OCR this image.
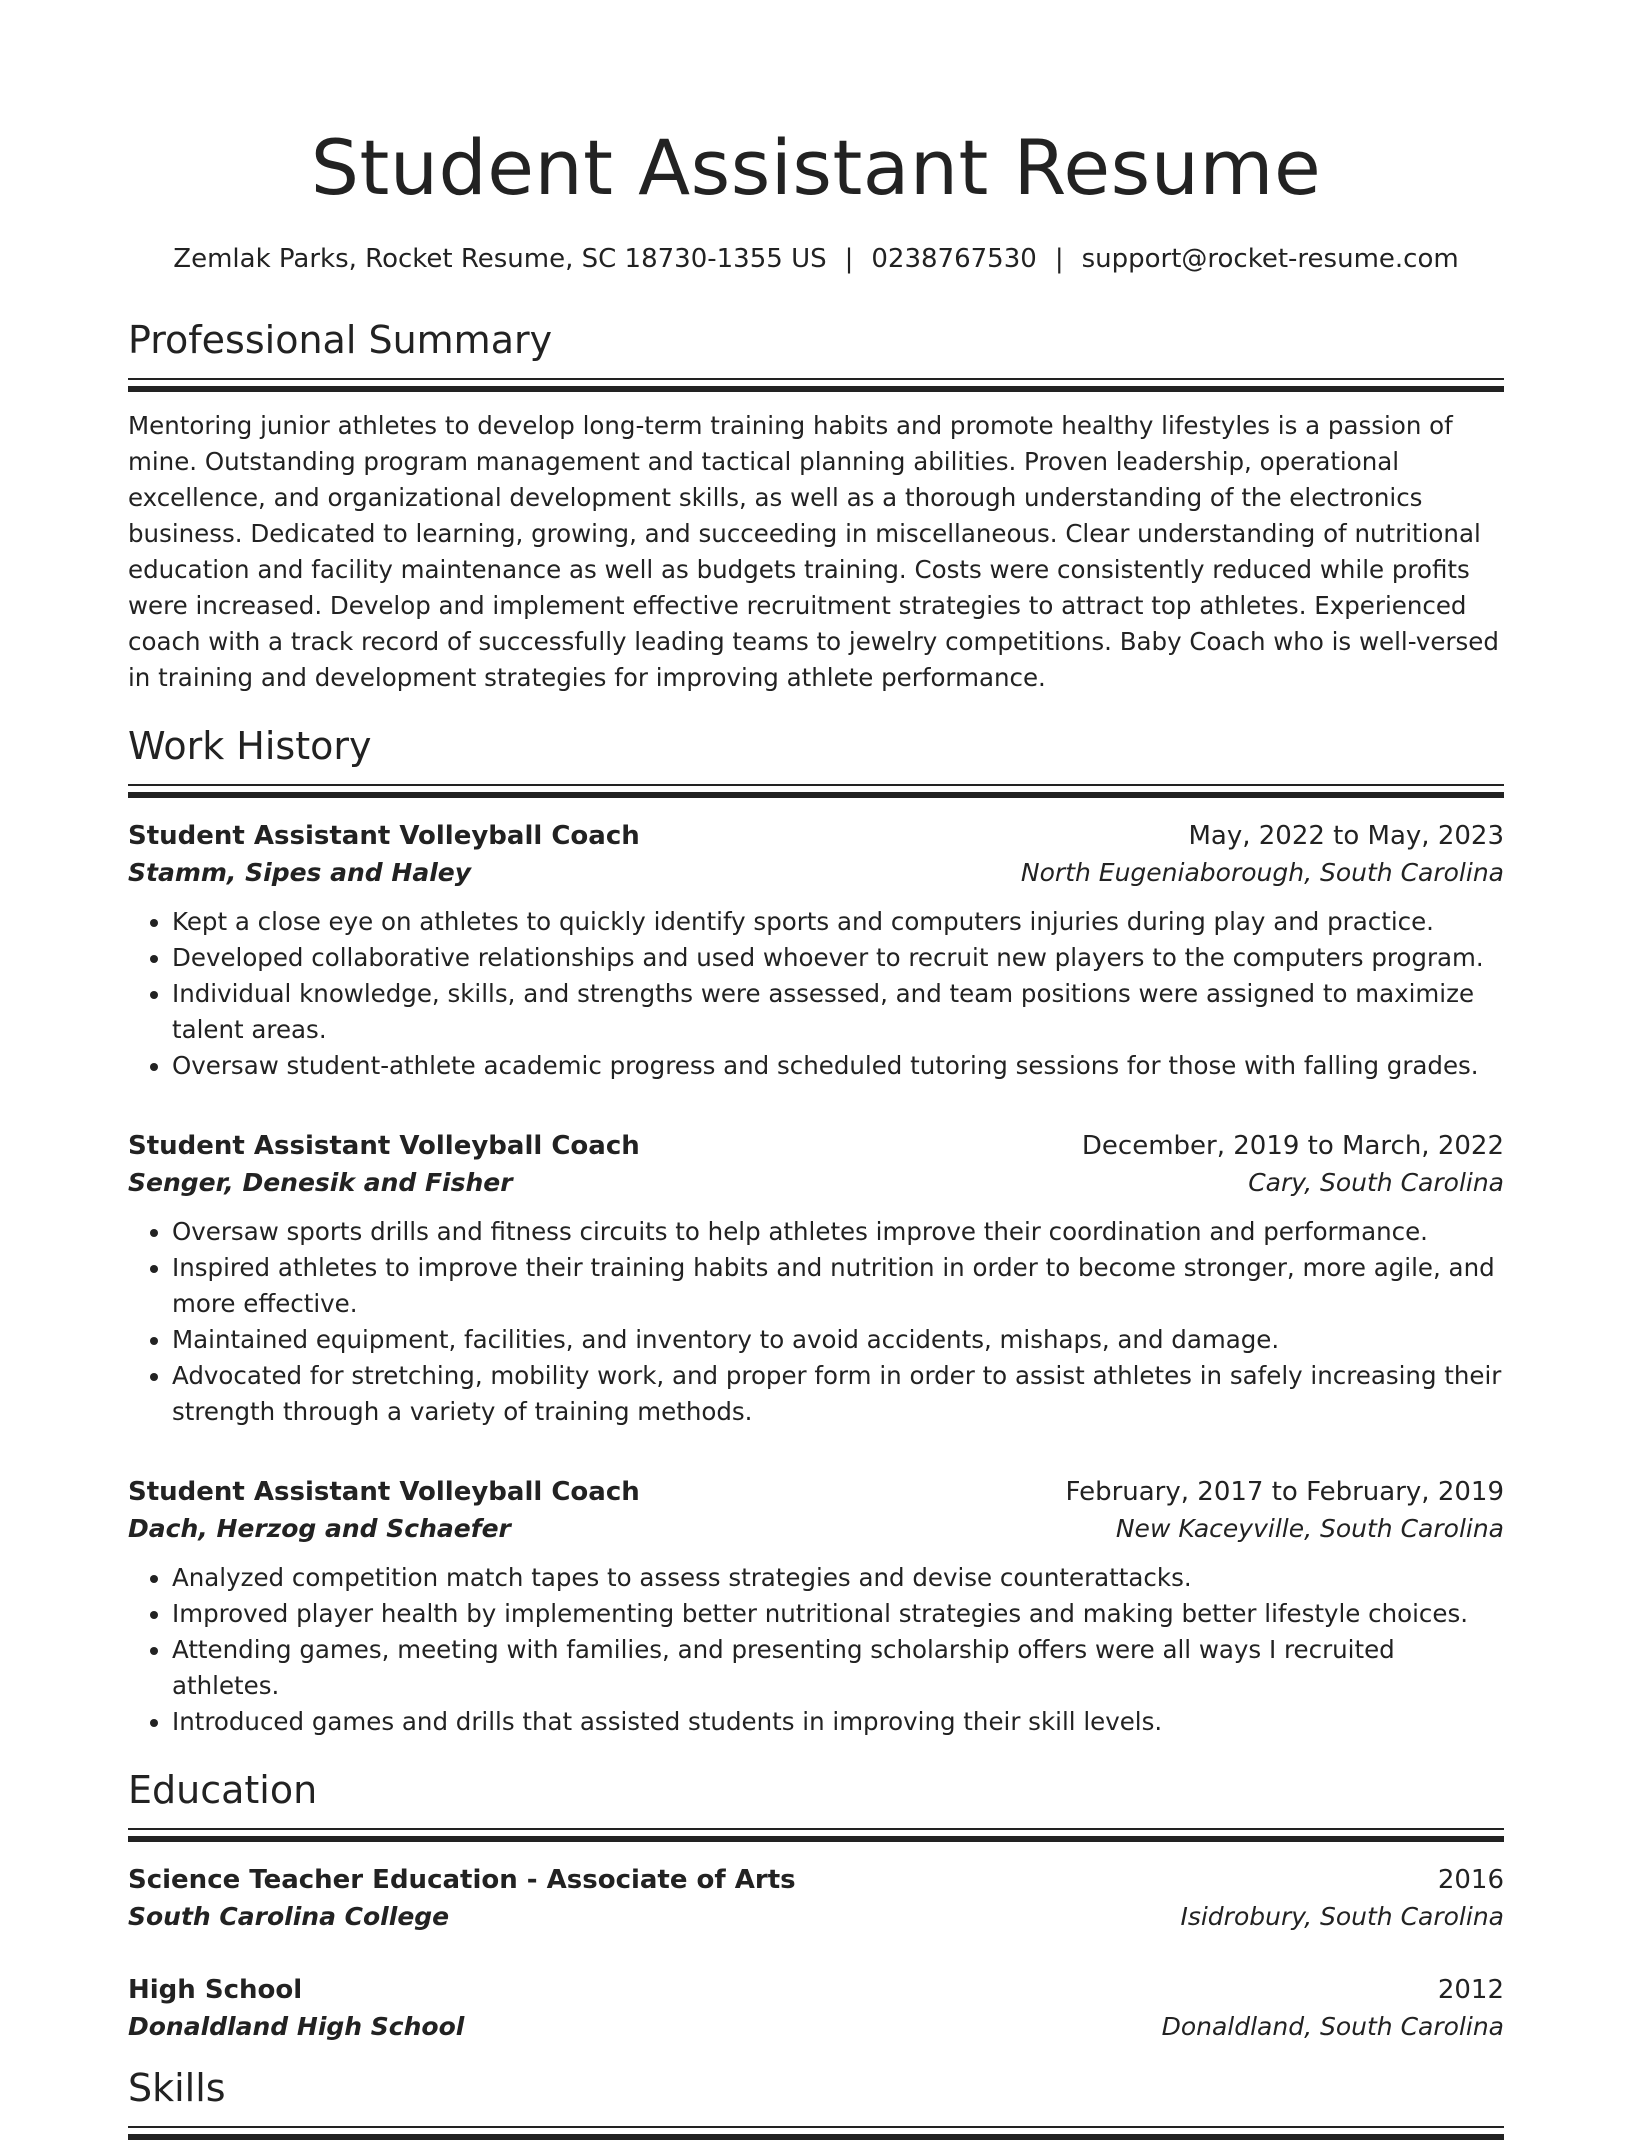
Student Assistant Resume
Zemlak Parks, Rocket Resume, SC 18730-1355 US | 0238767530 | support@rocket-resume.com
Professional Summary

Mentoring junior athletes to develop long-term training habits and promote healthy lifestyles is a passion of mine. Outstanding program management and tactical planning abilities. Proven leadership, operational excellence, and organizational development skills, as well as a thorough understanding of the electronics business. Dedicated to learning, growing, and succeeding in miscellaneous. Clear understanding of nutritional education and facility maintenance as well as budgets training. Costs were consistently reduced while profits were increased. Develop and implement effective recruitment strategies to attract top athletes. Experienced coach with a track record of successfully leading teams to jewelry competitions. Baby Coach who is well-versed in training and development strategies for improving athlete performance.

Work History
Student Assistant Volleyball Coach	May, 2022 to May, 2023
Stamm, Sipes and Haley	North Eugeniaborough, South Carolina
• Kept a close eye on athletes to quickly identify sports and computers injuries during play and practice.
• Developed collaborative relationships and used whoever to recruit new players to the computers program.
• Individual knowledge, skills, and strengths were assessed, and team positions were assigned to maximize talent areas.
• Oversaw student-athlete academic progress and scheduled tutoring sessions for those with falling grades.
Student Assistant Volleyball Coach	December, 2019 to March, 2022
Senger, Denesik and Fisher	Cary, South Carolina
• Oversaw sports drills and fitness circuits to help athletes improve their coordination and performance.
• Inspired athletes to improve their training habits and nutrition in order to become stronger, more agile, and more effective.
• Maintained equipment, facilities, and inventory to avoid accidents, mishaps, and damage.
• Advocated for stretching, mobility work, and proper form in order to assist athletes in safely increasing their strength through a variety of training methods.
Student Assistant Volleyball Coach	February, 2017 to February, 2019
Dach, Herzog and Schaefer	New Kaceyville, South Carolina
• Analyzed competition match tapes to assess strategies and devise counterattacks.
• Improved player health by implementing better nutritional strategies and making better lifestyle choices.
• Attending games, meeting with families, and presenting scholarship offers were all ways I recruited athletes.
• Introduced games and drills that assisted students in improving their skill levels.
Education
Science Teacher Education - Associate of Arts	2016
South Carolina College	Isidrobury, South Carolina
High School	2012
Donaldland High School	Donaldland, South Carolina
Skills
